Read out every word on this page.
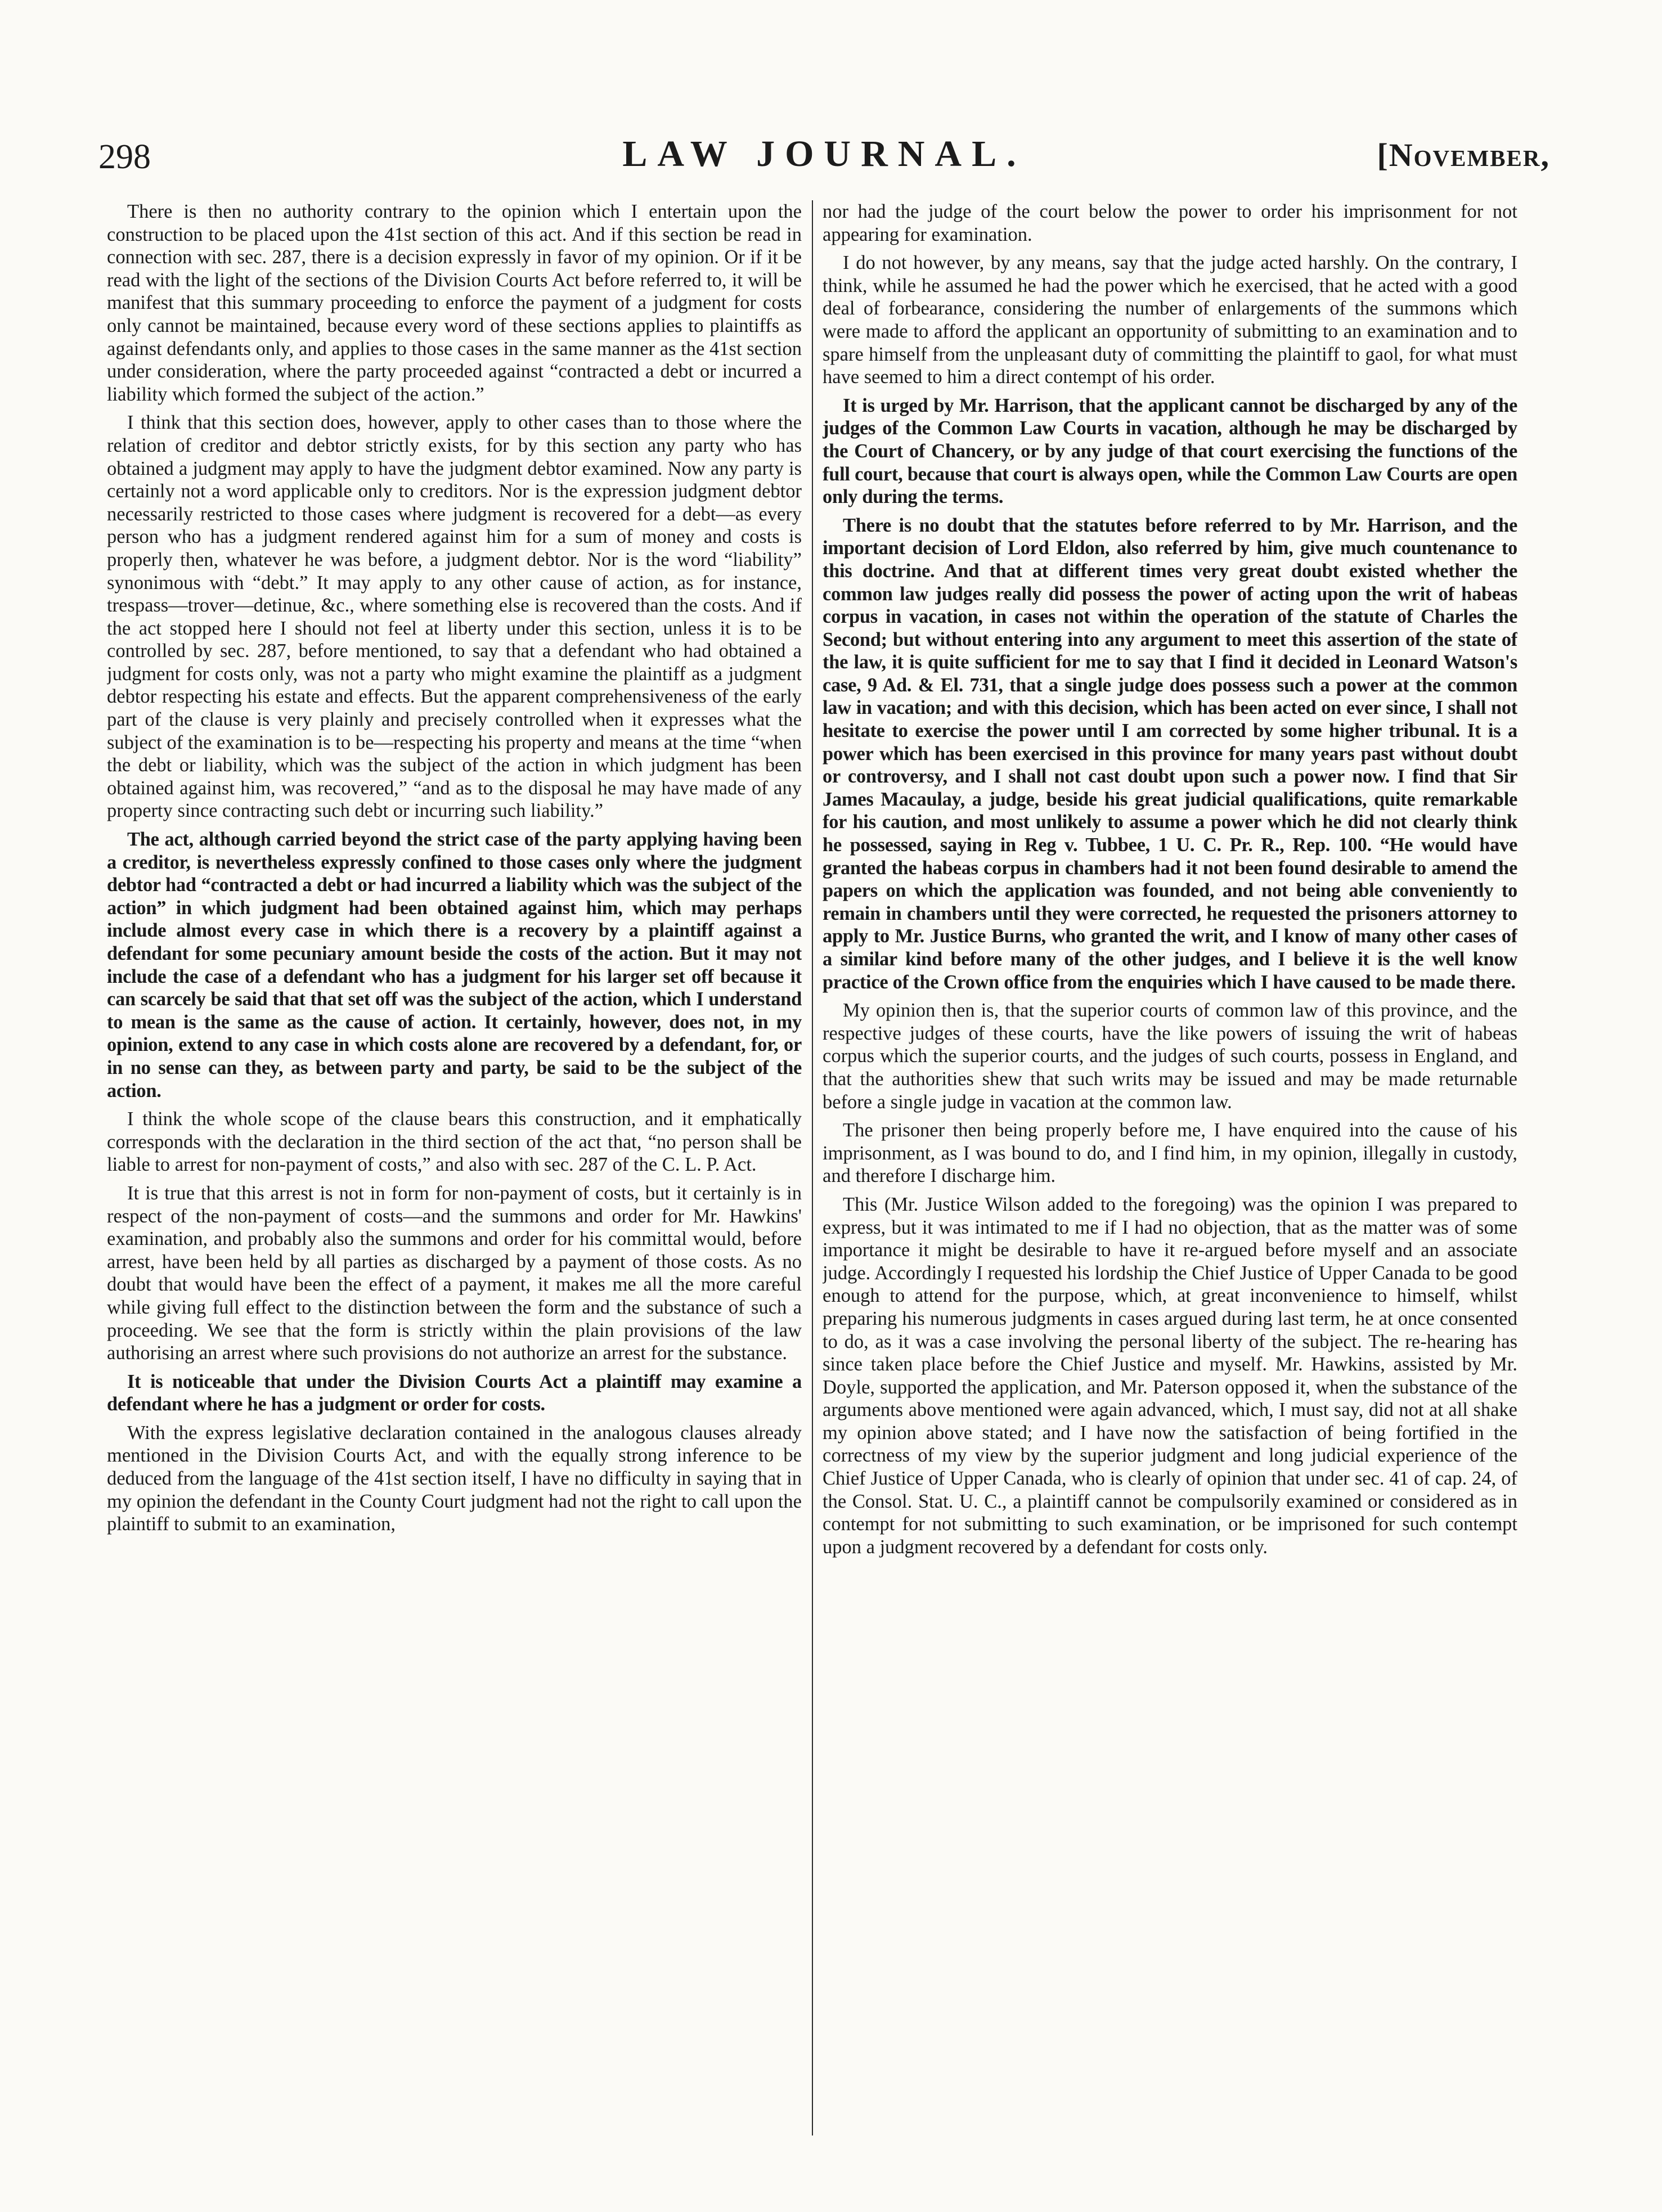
298	LAW JOURNAL.	[November,

There is then no authority contrary to the opinion which I entertain upon the construction to be placed upon the 41st section of this act. And if this section be read in connection with sec. 287, there is a decision expressly in favor of my opinion. Or if it be read with the light of the sections of the Division Courts Act before referred to, it will be manifest that this summary proceeding to enforce the payment of a judgment for costs only cannot be maintained, because every word of these sections applies to plaintiffs as against defendants only, and applies to those cases in the same manner as the 41st section under consideration, where the party proceeded against “contracted a debt or incurred a liability which formed the subject of the action.”

I think that this section does, however, apply to other cases than to those where the relation of creditor and debtor strictly exists, for by this section any party who has obtained a judgment may apply to have the judgment debtor examined. Now any party is certainly not a word applicable only to creditors. Nor is the expression judgment debtor necessarily restricted to those cases where judgment is recovered for a debt—as every person who has a judgment rendered against him for a sum of money and costs is properly then, whatever he was before, a judgment debtor. Nor is the word “liability” synonimous with “debt.” It may apply to any other cause of action, as for instance, trespass—trover—detinue, &c., where something else is recovered than the costs. And if the act stopped here I should not feel at liberty under this section, unless it is to be controlled by sec. 287, before mentioned, to say that a defendant who had obtained a judgment for costs only, was not a party who might examine the plaintiff as a judgment debtor respecting his estate and effects. But the apparent comprehensiveness of the early part of the clause is very plainly and precisely controlled when it expresses what the subject of the examination is to be—respecting his property and means at the time “when the debt or liability, which was the subject of the action in which judgment has been obtained against him, was recovered,” “and as to the disposal he may have made of any property since contracting such debt or incurring such liability.”

The act, although carried beyond the strict case of the party applying having been a creditor, is nevertheless expressly confined to those cases only where the judgment debtor had “contracted a debt or had incurred a liability which was the subject of the action” in which judgment had been obtained against him, which may perhaps include almost every case in which there is a recovery by a plaintiff against a defendant for some pecuniary amount beside the costs of the action. But it may not include the case of a defendant who has a judgment for his larger set off because it can scarcely be said that that set off was the subject of the action, which I understand to mean is the same as the cause of action. It certainly, however, does not, in my opinion, extend to any case in which costs alone are recovered by a defendant, for, or in no sense can they, as between party and party, be said to be the subject of the action.

I think the whole scope of the clause bears this construction, and it emphatically corresponds with the declaration in the third section of the act that, “no person shall be liable to arrest for non-payment of costs,” and also with sec. 287 of the C. L. P. Act.

It is true that this arrest is not in form for non-payment of costs, but it certainly is in respect of the non-payment of costs—and the summons and order for Mr. Hawkins' examination, and probably also the summons and order for his committal would, before arrest, have been held by all parties as discharged by a payment of those costs. As no doubt that would have been the effect of a payment, it makes me all the more careful while giving full effect to the distinction between the form and the substance of such a proceeding. We see that the form is strictly within the plain provisions of the law authorising an arrest where such provisions do not authorize an arrest for the substance.

It is noticeable that under the Division Courts Act a plaintiff may examine a defendant where he has a judgment or order for costs.

With the express legislative declaration contained in the analogous clauses already mentioned in the Division Courts Act, and with the equally strong inference to be deduced from the language of the 41st section itself, I have no difficulty in saying that in my opinion the defendant in the County Court judgment had not the right to call upon the plaintiff to submit to an examination,

nor had the judge of the court below the power to order his imprisonment for not appearing for examination.

I do not however, by any means, say that the judge acted harshly. On the contrary, I think, while he assumed he had the power which he exercised, that he acted with a good deal of forbearance, considering the number of enlargements of the summons which were made to afford the applicant an opportunity of submitting to an examination and to spare himself from the unpleasant duty of committing the plaintiff to gaol, for what must have seemed to him a direct contempt of his order.

It is urged by Mr. Harrison, that the applicant cannot be discharged by any of the judges of the Common Law Courts in vacation, although he may be discharged by the Court of Chancery, or by any judge of that court exercising the functions of the full court, because that court is always open, while the Common Law Courts are open only during the terms.

There is no doubt that the statutes before referred to by Mr. Harrison, and the important decision of Lord Eldon, also referred by him, give much countenance to this doctrine. And that at different times very great doubt existed whether the common law judges really did possess the power of acting upon the writ of habeas corpus in vacation, in cases not within the operation of the statute of Charles the Second; but without entering into any argument to meet this assertion of the state of the law, it is quite sufficient for me to say that I find it decided in Leonard Watson's case, 9 Ad. & El. 731, that a single judge does possess such a power at the common law in vacation; and with this decision, which has been acted on ever since, I shall not hesitate to exercise the power until I am corrected by some higher tribunal. It is a power which has been exercised in this province for many years past without doubt or controversy, and I shall not cast doubt upon such a power now. I find that Sir James Macaulay, a judge, beside his great judicial qualifications, quite remarkable for his caution, and most unlikely to assume a power which he did not clearly think he possessed, saying in Reg v. Tubbee, 1 U. C. Pr. R., Rep. 100. “He would have granted the habeas corpus in chambers had it not been found desirable to amend the papers on which the application was founded, and not being able conveniently to remain in chambers until they were corrected, he requested the prisoners attorney to apply to Mr. Justice Burns, who granted the writ, and I know of many other cases of a similar kind before many of the other judges, and I believe it is the well know practice of the Crown office from the enquiries which I have caused to be made there.

My opinion then is, that the superior courts of common law of this province, and the respective judges of these courts, have the like powers of issuing the writ of habeas corpus which the superior courts, and the judges of such courts, possess in England, and that the authorities shew that such writs may be issued and may be made returnable before a single judge in vacation at the common law.

The prisoner then being properly before me, I have enquired into the cause of his imprisonment, as I was bound to do, and I find him, in my opinion, illegally in custody, and therefore I discharge him.

This (Mr. Justice Wilson added to the foregoing) was the opinion I was prepared to express, but it was intimated to me if I had no objection, that as the matter was of some importance it might be desirable to have it re-argued before myself and an associate judge. Accordingly I requested his lordship the Chief Justice of Upper Canada to be good enough to attend for the purpose, which, at great inconvenience to himself, whilst preparing his numerous judgments in cases argued during last term, he at once consented to do, as it was a case involving the personal liberty of the subject. The re-hearing has since taken place before the Chief Justice and myself. Mr. Hawkins, assisted by Mr. Doyle, supported the application, and Mr. Paterson opposed it, when the substance of the arguments above mentioned were again advanced, which, I must say, did not at all shake my opinion above stated; and I have now the satisfaction of being fortified in the correctness of my view by the superior judgment and long judicial experience of the Chief Justice of Upper Canada, who is clearly of opinion that under sec. 41 of cap. 24, of the Consol. Stat. U. C., a plaintiff cannot be compulsorily examined or considered as in contempt for not submitting to such examination, or be imprisoned for such contempt upon a judgment recovered by a defendant for costs only.
